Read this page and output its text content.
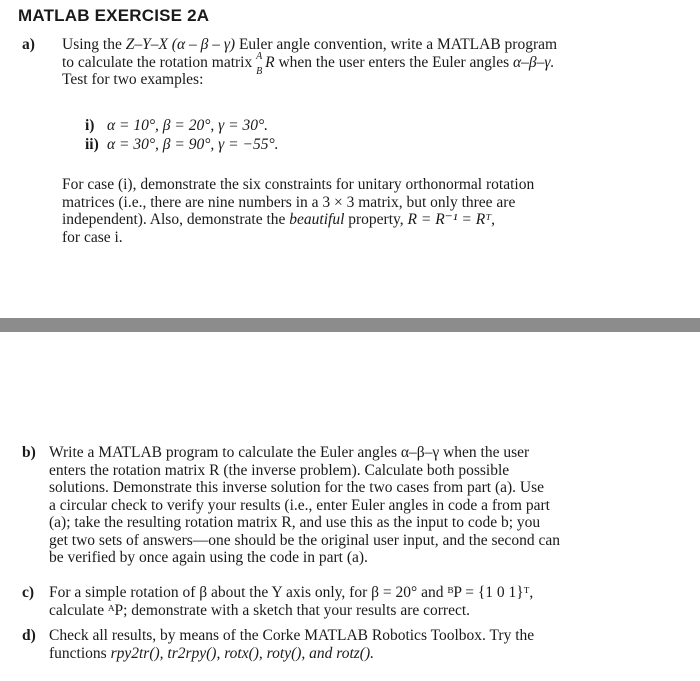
MATLAB EXERCISE 2A
a) Using the Z–Y–X (α – β – γ) Euler angle convention, write a MATLAB program
to calculate the rotation matrix A
B
R when the user enters the Euler angles α–β–γ.
Test for two examples:
i) α = 10°, β = 20°, γ = 30°.
ii) α = 30°, β = 90°, γ = −55°.
For case (i), demonstrate the six constraints for unitary orthonormal rotation
matrices (i.e., there are nine numbers in a 3 × 3 matrix, but only three are
independent). Also, demonstrate the beautiful property, R = R⁻¹ = Rᵀ,
for case i.
b) Write a MATLAB program to calculate the Euler angles α–β–γ when the user
enters the rotation matrix R (the inverse problem). Calculate both possible
solutions. Demonstrate this inverse solution for the two cases from part (a). Use
a circular check to verify your results (i.e., enter Euler angles in code a from part
(a); take the resulting rotation matrix R, and use this as the input to code b; you
get two sets of answers—one should be the original user input, and the second can
be verified by once again using the code in part (a).
c) For a simple rotation of β about the Y axis only, for β = 20° and ᴮP = {1 0 1}ᵀ,
calculate ᴬP; demonstrate with a sketch that your results are correct.
d) Check all results, by means of the Corke MATLAB Robotics Toolbox. Try the
functions rpy2tr(), tr2rpy(), rotx(), roty(), and rotz().
